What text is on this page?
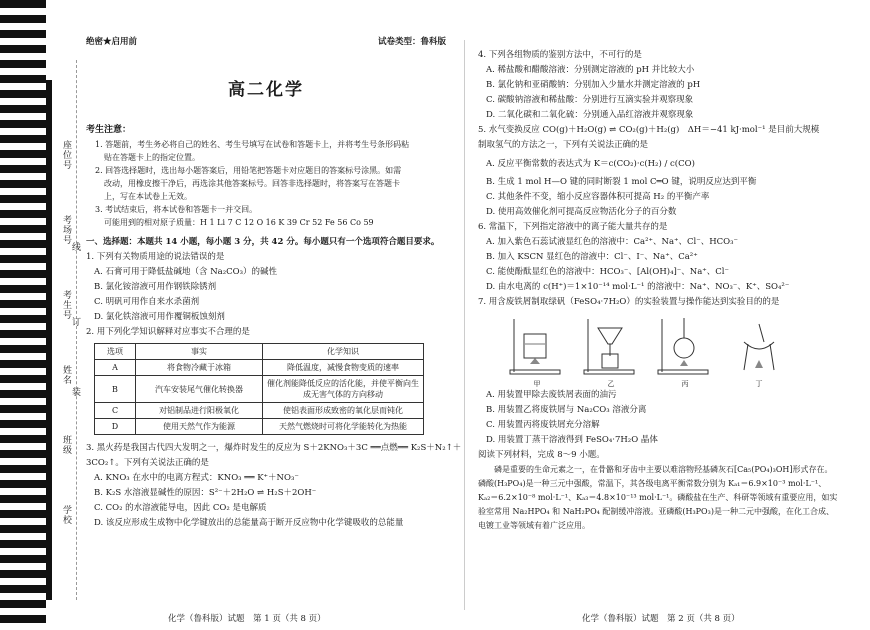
座位号
考场号
考生号
姓名
班级
学校
线
订
装
绝密★启用前	试卷类型：鲁科版
高二化学
考生注意：
1. 答题前，考生务必将自己的姓名、考生号填写在试卷和答题卡上，并将考生号条形码粘
贴在答题卡上的指定位置。
2. 回答选择题时，选出每小题答案后，用铅笔把答题卡对应题目的答案标号涂黑。如需
改动，用橡皮擦干净后，再选涂其他答案标号。回答非选择题时，将答案写在答题卡
上，写在本试卷上无效。
3. 考试结束后，将本试卷和答题卡一并交回。
可能用到的相对原子质量：H 1 Li 7 C 12 O 16 K 39 Cr 52 Fe 56 Co 59
一、选择题：本题共 14 小题，每小题 3 分，共 42 分。每小题只有一个选项符合题目要求。
1. 下列有关物质用途的说法错误的是
A. 石膏可用于降低盐碱地（含 Na₂CO₃）的碱性
B. 氯化铵溶液可用作钢铁除锈剂
C. 明矾可用作自来水杀菌剂
D. 氯化铁溶液可用作覆铜板蚀刻剂
2. 用下列化学知识解释对应事实不合理的是
选项	事实	化学知识
A	将食物冷藏于冰箱	降低温度，减慢食物变质的速率
B	汽车安装尾气催化转换器	催化剂能降低反应的活化能，并使平衡向生成无害气体的方向移动
C	对铝制品进行阳极氧化	使铝表面形成致密的氧化层而钝化
D	使用天然气作为能源	天然气燃烧时可将化学能转化为热能
3. 黑火药是我国古代四大发明之一，爆炸时发生的反应为 S＋2KNO₃＋3C ══点燃══ K₂S＋N₂↑＋
3CO₂↑。下列有关说法正确的是
A. KNO₃ 在水中的电离方程式：KNO₃ ══ K⁺＋NO₃⁻
B. K₂S 水溶液显碱性的原因：S²⁻＋2H₂O ⇌ H₂S＋2OH⁻
C. CO₂ 的水溶液能导电，因此 CO₂ 是电解质
D. 该反应形成生成物中化学键放出的总能量高于断开反应物中化学键吸收的总能量
化学（鲁科版）试题　第 1 页（共 8 页）
4. 下列各组物质的鉴别方法中，不可行的是
A. 稀盐酸和醋酸溶液：分别测定溶液的 pH 并比较大小
B. 氯化钠和亚硝酸钠：分别加入少量水并测定溶液的 pH
C. 碳酸钠溶液和稀盐酸：分别进行互滴实验并观察现象
D. 二氧化碳和二氧化硫：分别通入品红溶液并观察现象
5. 水气变换反应 CO(g)＋H₂O(g) ⇌ CO₂(g)＋H₂(g)　ΔH＝−41 kJ·mol⁻¹ 是目前大规模
制取氢气的方法之一，下列有关说法正确的是
A. 反应平衡常数的表达式为 K＝c(CO₂)·c(H₂) / c(CO)
B. 生成 1 mol H—O 键的同时断裂 1 mol C═O 键，说明反应达到平衡
C. 其他条件不变，缩小反应容器体积可提高 H₂ 的平衡产率
D. 使用高效催化剂可提高反应物活化分子的百分数
6. 常温下，下列指定溶液中的离子能大量共存的是
A. 加入紫色石蕊试液显红色的溶液中：Ca²⁺、Na⁺、Cl⁻、HCO₃⁻
B. 加入 KSCN 显红色的溶液中：Cl⁻、I⁻、Na⁺、Ca²⁺
C. 能使酚酞显红色的溶液中：HCO₃⁻、[Al(OH)₄]⁻、Na⁺、Cl⁻
D. 由水电离的 c(H⁺)＝1×10⁻¹⁴ mol·L⁻¹ 的溶液中：Na⁺、NO₃⁻、K⁺、SO₄²⁻
7. 用含废铁屑制取绿矾（FeSO₄·7H₂O）的实验装置与操作能达到实验目的的是
甲	乙	丙	丁
A. 用装置甲除去废铁屑表面的油污
B. 用装置乙将废铁屑与 Na₂CO₃ 溶液分离
C. 用装置丙将废铁屑充分溶解
D. 用装置丁蒸干溶液得到 FeSO₄·7H₂O 晶体
阅读下列材料，完成 8～9 小题。
磷是重要的生命元素之一，在骨骼和牙齿中主要以难溶物羟基磷灰石[Ca₅(PO₄)₃OH]形式存在。磷酸(H₃PO₄)是一种三元中强酸，常温下，其各级电离平衡常数分别为 Kₐ₁＝6.9×10⁻³ mol·L⁻¹、Kₐ₂＝6.2×10⁻⁸ mol·L⁻¹、Kₐ₃＝4.8×10⁻¹³ mol·L⁻¹。磷酸盐在生产、科研等领域有重要应用，如实验室常用 Na₂HPO₄ 和 NaH₂PO₄ 配制缓冲溶液。亚磷酸(H₃PO₃)是一种二元中强酸，在化工合成、电镀工业等领域有着广泛应用。
化学（鲁科版）试题　第 2 页（共 8 页）
